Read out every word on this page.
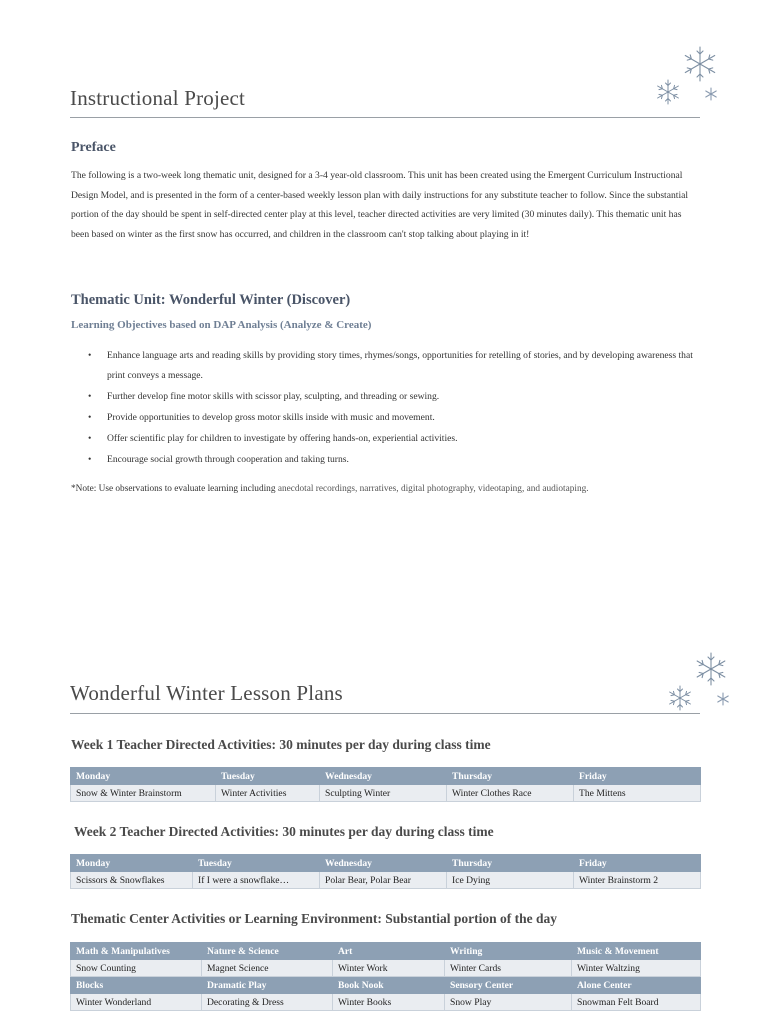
Instructional Project
Preface
The following is a two-week long thematic unit, designed for a 3-4 year-old classroom. This unit has been created using the Emergent Curriculum Instructional Design Model, and is presented in the form of a center-based weekly lesson plan with daily instructions for any substitute teacher to follow. Since the substantial portion of the day should be spent in self-directed center play at this level, teacher directed activities are very limited (30 minutes daily). This thematic unit has been based on winter as the first snow has occurred, and children in the classroom can't stop talking about playing in it!
Thematic Unit: Wonderful Winter (Discover)
Learning Objectives based on DAP Analysis (Analyze & Create)
• Enhance language arts and reading skills by providing story times, rhymes/songs, opportunities for retelling of stories, and by developing awareness that print conveys a message.
• Further develop fine motor skills with scissor play, sculpting, and threading or sewing.
• Provide opportunities to develop gross motor skills inside with music and movement.
• Offer scientific play for children to investigate by offering hands-on, experiential activities.
• Encourage social growth through cooperation and taking turns.
*Note: Use observations to evaluate learning including anecdotal recordings, narratives, digital photography, videotaping, and audiotaping.
Wonderful Winter Lesson Plans
Week 1 Teacher Directed Activities: 30 minutes per day during class time
Monday	Tuesday	Wednesday	Thursday	Friday
Snow & Winter Brainstorm	Winter Activities	Sculpting Winter	Winter Clothes Race	The Mittens
Week 2 Teacher Directed Activities: 30 minutes per day during class time
Monday	Tuesday	Wednesday	Thursday	Friday
Scissors & Snowflakes	If I were a snowflake…	Polar Bear, Polar Bear	Ice Dying	Winter Brainstorm 2
Thematic Center Activities or Learning Environment: Substantial portion of the day
Math & Manipulatives	Nature & Science	Art	Writing	Music & Movement
Snow Counting	Magnet Science	Winter Work	Winter Cards	Winter Waltzing
Blocks	Dramatic Play	Book Nook	Sensory Center	Alone Center
Winter Wonderland	Decorating & Dress	Winter Books	Snow Play	Snowman Felt Board
